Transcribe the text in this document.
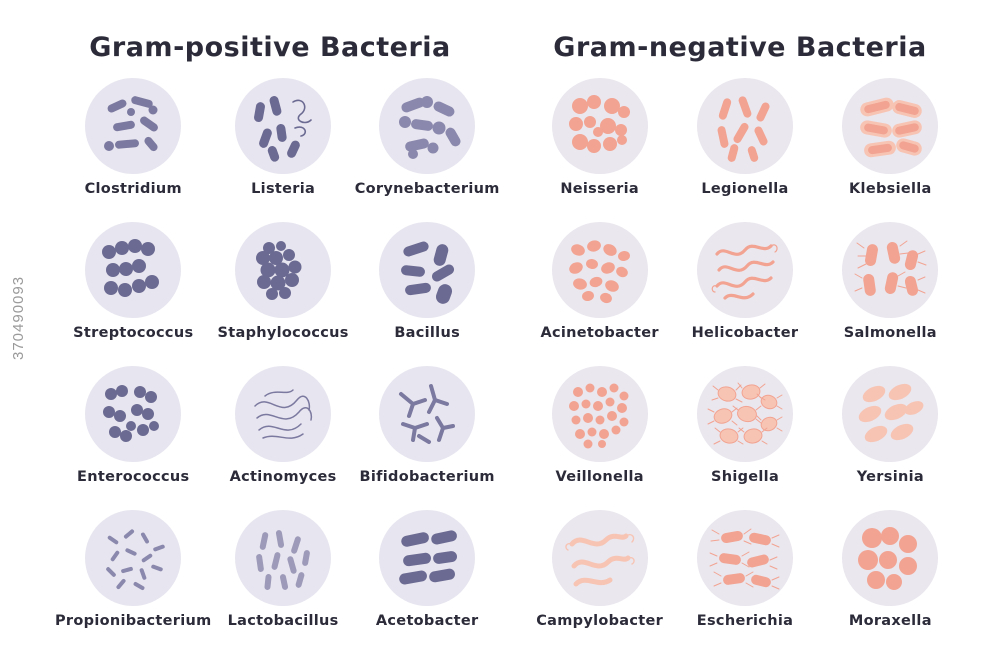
370490093
Gram-positive Bacteria	Gram-negative Bacteria
Clostridium	Listeria	Corynebacterium
Streptococcus Staphylococcus	Bacillus
Enterococcus	Actinomyces Bifidobacterium
Propionibacterium Lactobacillus	Acetobacter
Neisseria	Legionella	Klebsiella
Acinetobacter Helicobacter	Salmonella
Veillonella	Shigella	Yersinia
Campylobacter Escherichia	Moraxella
